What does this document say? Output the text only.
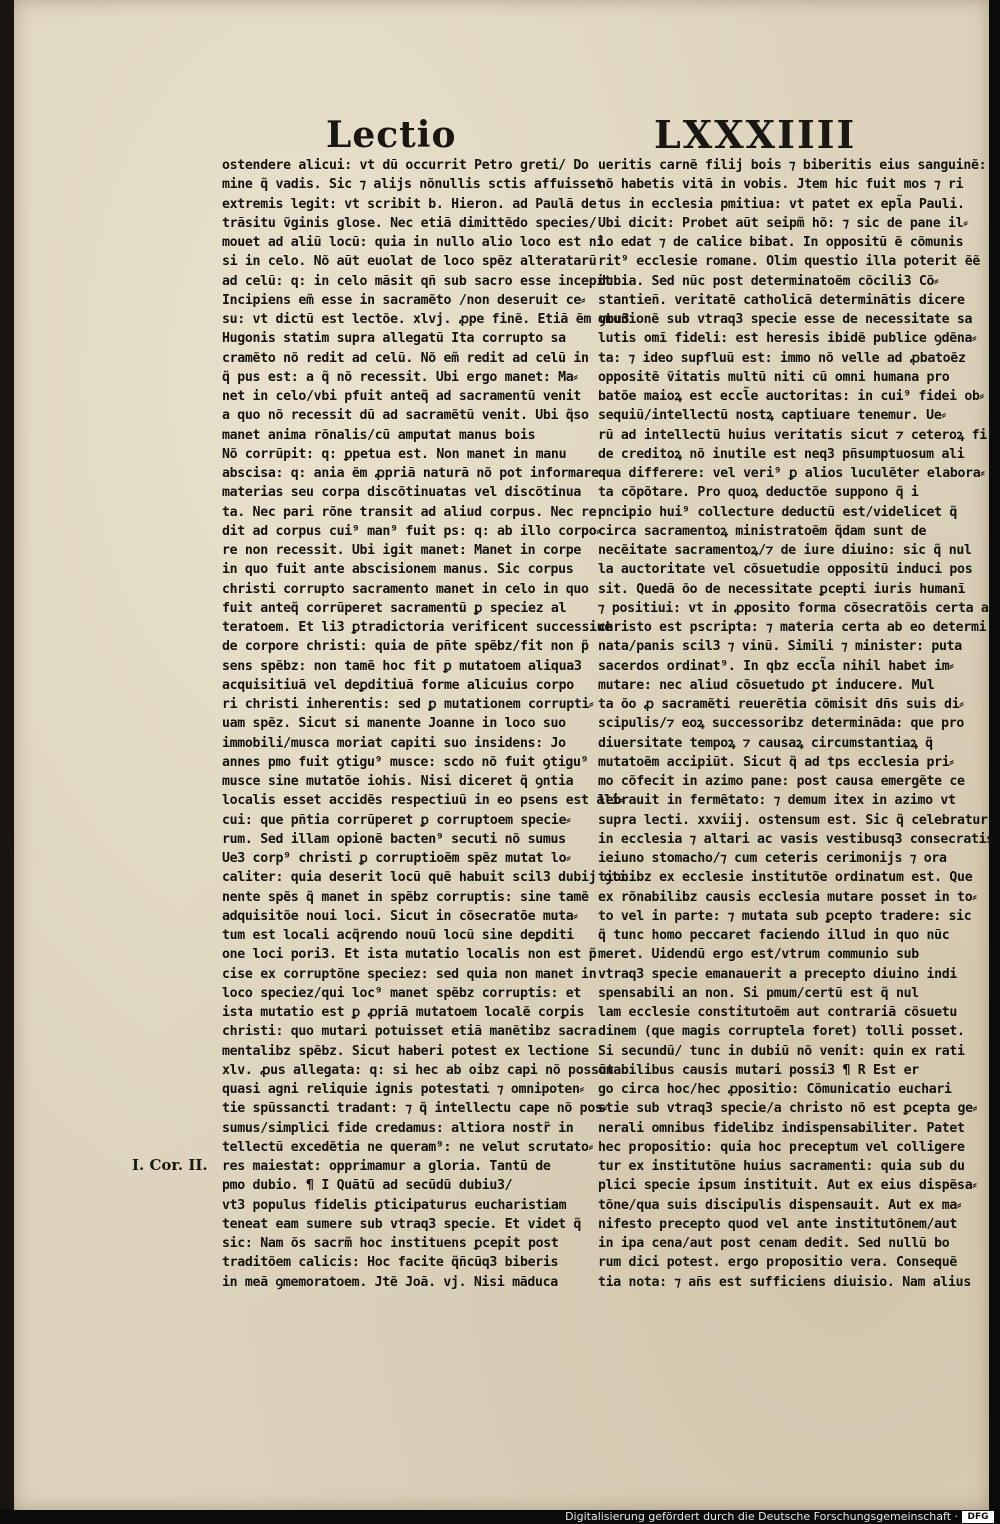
Lectio	LXXXIIII
ostendere alicui: vt dũ occurrit Petro greti/ Do
mine q̃ vadis. Sic ⁊ alijs nõnullis sctis affuisset
extremis legit: vt scribit b. Hieron. ad Paulã de
trãsitu ṽginis glose. Nec etiã dimittẽdo species/
mouet ad aliũ locũ: quia in nullo alio loco est ni
si in celo. Nõ aũt euolat de loco spẽz alteratarũ
ad celũ: q: in celo mãsit qñ sub sacro esse incepit.
Incipiens em̃ esse in sacramẽto /non deseruit ce⸗
su: vt dictũ est lectõe. xlvj. ꝓpe finẽ. Etiã ẽm vbu3
Hugonis statim supra allegatũ Ita corrupto sa
cramẽto nõ redit ad celũ. Nõ em̃ redit ad celũ in
q̃ pus est: a q̃ nõ recessit. Ubi ergo manet: Ma⸗
net in celo/vbi pfuit anteq̃ ad sacramentũ venit
a quo nõ recessit dũ ad sacramẽtũ venit. Ubi q̃so
manet anima rõnalis/cũ amputat manus bois
Nõ corrũpit: q: ꝑpetua est. Non manet in manu
abscisa: q: ania ẽm ꝓpriã naturã nõ pot informare
materias seu corpa discõtinuatas vel discõtinua
ta. Nec pari rõne transit ad aliud corpus. Nec re
dit ad corpus cui⁹ man⁹ fuit ps: q: ab illo corpo⸗
re non recessit. Ubi igit manet: Manet in corpe
in quo fuit ante abscisionem manus. Sic corpus
christi corrupto sacramento manet in celo in quo
fuit anteq̃ corrũperet sacramentũ ꝑ speciez al
teratoem. Et li3 ꝑtradictoria verificent successiue
de corpore christi: quia de pñte spẽbz/fit non p̃
sens spẽbz: non tamẽ hoc fit ꝑ mutatoem aliqua3
acquisitiuã vel deꝑditiuã forme alicuius corpo
ri christi inherentis: sed ꝑ mutationem corrupti⸗
uam spẽz. Sicut si manente Joanne in loco suo
immobili/musca moriat capiti suo insidens: Jo
annes pmo fuit ꝯtigu⁹ musce: scdo nõ fuit ꝯtigu⁹
musce sine mutatõe iohis. Nisi diceret q̃ ꝯntia
localis esset accidẽs respectiuũ in eo psens est ali⸗
cui: que pñtia corrũperet ꝑ corruptoem specie⸗
rum. Sed illam opionẽ bacten⁹ secuti nõ sumus
Ue3 corp⁹ christi ꝑ corruptioẽm spẽz mutat lo⸗
caliter: quia deserit locũ quẽ habuit scil3 dubij ꝯti
nente spẽs q̃ manet in spẽbz corruptis: sine tamẽ
adquisitõe noui loci. Sicut in cõsecratõe muta⸗
tum est locali acq̃rendo nouũ locũ sine deꝑditi
one loci pori3. Et ista mutatio localis non est p̃
cise ex corruptõne speciez: sed quia non manet in
loco speciez/qui loc⁹ manet spẽbz corruptis: et
ista mutatio est ꝑ ꝓpriã mutatoem localẽ corꝑis
christi: quo mutari potuisset etiã manẽtibz sacra
mentalibz spẽbz. Sicut haberi potest ex lectione
xlv. ꝓus allegata: q: si hec ab oibz capi nõ possũt
quasi agni reliquie ignis potestati ⁊ omnipoten⸗
tie spũssancti tradant: ⁊ q̃ intellectu cape nõ pos⸗
sumus/simplici fide credamus: altiora nostr̃ in
tellectũ excedẽtia ne queram⁹: ne velut scrutato⸗
res maiestat: opprimamur a gloria. Tantũ de
pmo dubio. ¶ I Quãtũ ad secũdũ dubiu3/
vt3 populus fidelis ꝑticipaturus eucharistiam
teneat eam sumere sub vtraq3 specie. Et videt q̃
sic: Nam õs sacrm̃ hoc instituens ꝑcepit post
traditõem calicis: Hoc facite q̃ñcũq3 biberis
in meã ꝯmemoratoem. Jtẽ Joã. vj. Nisi mãduca
ueritis carnẽ filij bois ⁊ biberitis eius sanguinẽ:
nõ habetis vitã in vobis. Jtem hic fuit mos ⁊ ri
tus in ecclesia pmitiua: vt patet ex epl̃a Pauli.
Ubi dicit: Probet aũt seipm̃ hõ: ⁊ sic de pane il⸗
lo edat ⁊ de calice bibat. In oppositũ ẽ cõmunis
rit⁹ ecclesie romane. Olim questio illa poterit ẽẽ
dubia. Sed nũc post determinatoẽm cõcili3 Cõ⸗
stantieñ. veritatẽ catholicã determinãtis dicere
ꝯmunionẽ sub vtraq3 specie esse de necessitate sa
lutis omĩ fideli: est heresis ibidẽ publice ꝯdẽna⸗
ta: ⁊ ideo supfluũ est: immo nõ velle ad ꝓbatoẽz
oppositẽ ṽitatis multũ niti cũ omni humana pro
batõe maioꝝ est eccl̃e auctoritas: in cui⁹ fidei ob⸗
sequiũ/intellectũ nostꝝ captiuare tenemur. Ue⸗
rũ ad intellectũ huius veritatis sicut ⁊ ceteroꝝ fi
de creditoꝝ nõ inutile est neq3 pñsumptuosum ali
qua differere: vel veri⁹ ꝑ alios luculẽter elabora⸗
ta cõpõtare. Pro quoꝝ deductõe suppono q̃ i
pncipio hui⁹ collecture deductũ est/videlicet q̃
circa sacramentoꝝ ministratoẽm q̃dam sunt de
necẽitate sacramentoꝝ/⁊ de iure diuino: sic q̃ nul
la auctoritate vel cõsuetudie oppositũ induci pos
sit. Quedã õo de necessitate ꝑcepti iuris humanĩ
⁊ positiui: vt in ꝓposito forma cõsecratõis certa a
christo est pscripta: ⁊ materia certa ab eo determi
nata/panis scil3 ⁊ vinũ. Simili ⁊ minister: puta
sacerdos ordinat⁹. In qbz eccl̃a nihil habet im⸗
mutare: nec aliud cõsuetudo ꝑt inducere. Mul
ta õo ꝓ sacramẽti reuerẽtia cõmisit dñs suis di⸗
scipulis/⁊ eoꝝ successoribz determinãda: que pro
diuersitate tempoꝝ ⁊ causaꝝ circumstantiaꝝ q̃
mutatoẽm accipiũt. Sicut q̃ ad tps ecclesia pri⸗
mo cõfecit in azimo pane: post causa emergẽte ce
lebrauit in fermẽtato: ⁊ demum itex in azimo vt
supra lecti. xxviij. ostensum est. Sic q̃ celebratur
in ecclesia ⁊ altari ac vasis vestibusq3 consecratis
ieiuno stomacho/⁊ cum ceteris cerimonijs ⁊ ora
tionibz ex ecclesie institutõe ordinatum est. Que
ex rõnabilibz causis ecclesia mutare posset in to⸗
to vel in parte: ⁊ mutata sub ꝑcepto tradere: sic
q̃ tunc homo peccaret faciendo illud in quo nũc
meret. Uidendũ ergo est/vtrum communio sub
vtraq3 specie emanauerit a precepto diuino indi
spensabili an non. Si pmum/certũ est q̃ nul
lam ecclesie constitutoẽm aut contrariã cõsuetu
dinem (que magis corruptela foret) tolli posset.
Si secundũ/ tunc in dubiũ nõ venit: quin ex rati
onabilibus causis mutari possi3 ¶ R Est er
go circa hoc/hec ꝓpositio: Cõmunicatio euchari
stie sub vtraq3 specie/a christo nõ est ꝑcepta ge⸗
nerali omnibus fidelibz indispensabiliter. Patet
hec propositio: quia hoc preceptum vel colligere
tur ex institutõne huius sacramenti: quia sub du
plici specie ipsum instituit. Aut ex eius dispẽsa⸗
tõne/qua suis discipulis dispensauit. Aut ex ma⸗
nifesto precepto quod vel ante institutõnem/aut
in ipa cena/aut post cenam dedit. Sed nullũ bo
rum dici potest. ergo propositio vera. Consequẽ
tia nota: ⁊ añs est sufficiens diuisio. Nam alius
I. Cor. II.
Digitalisierung gefördert durch die Deutsche Forschungsgemeinschaft ·	DFG
